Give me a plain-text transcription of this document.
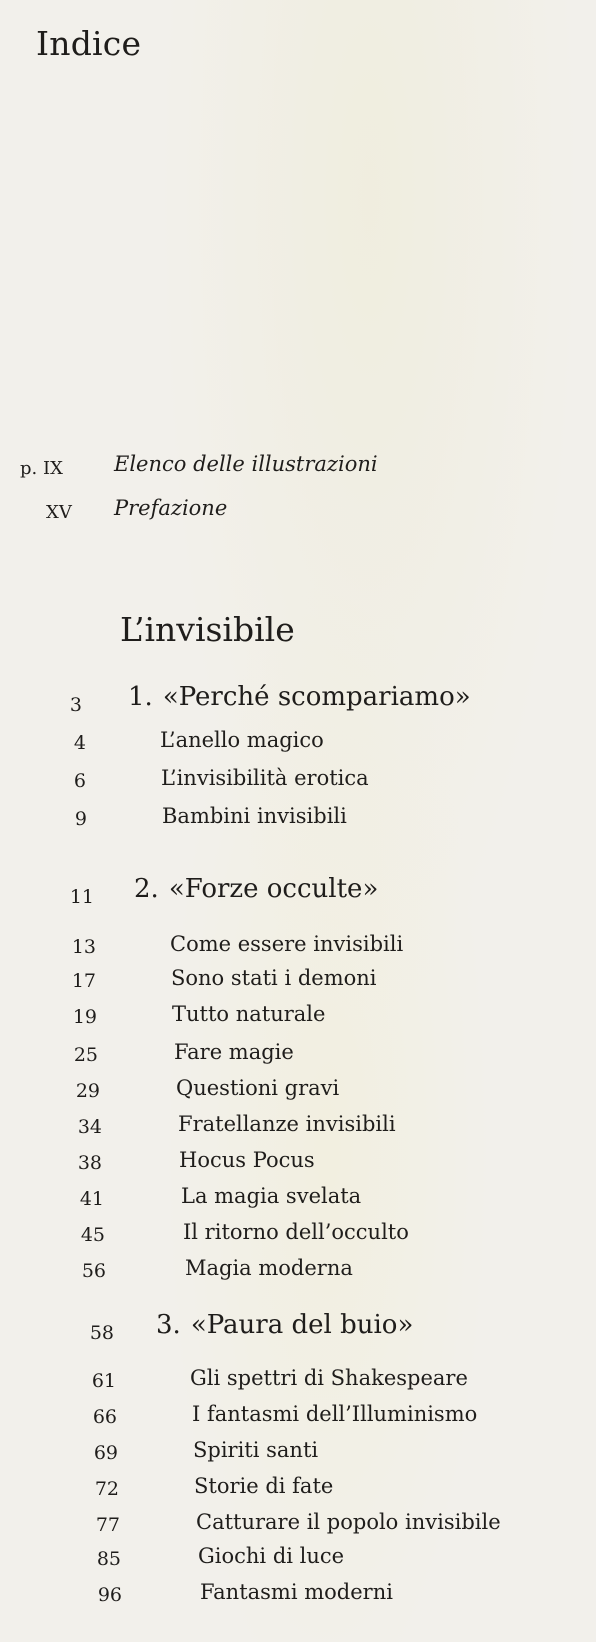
Indice
p. IX	Elenco delle illustrazioni
XV	Prefazione
L’invisibile
3 1. «Perché scompariamo»
4	L’anello magico
6	L’invisibilità erotica
9	Bambini invisibili
11 2. «Forze occulte»
13	Come essere invisibili
17	Sono stati i demoni
19	Tutto naturale
25	Fare magie
29	Questioni gravi
34	Fratellanze invisibili
38	Hocus Pocus
41	La magia svelata
45	Il ritorno dell’occulto
56	Magia moderna
58 3. «Paura del buio»
61	Gli spettri di Shakespeare
66	I fantasmi dell’Illuminismo
69	Spiriti santi
72	Storie di fate
77	Catturare il popolo invisibile
85	Giochi di luce
96	Fantasmi moderni
